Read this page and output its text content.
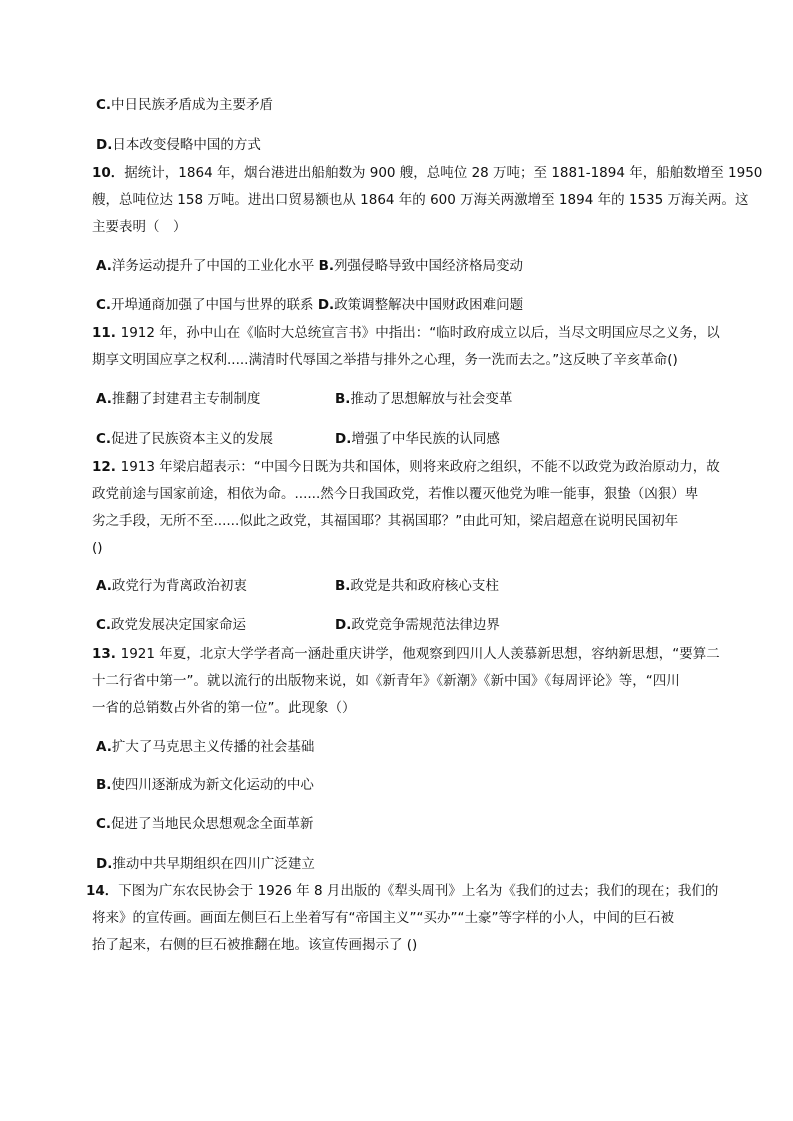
C.中日民族矛盾成为主要矛盾
D.日本改变侵略中国的方式
10．据统计，1864 年，烟台港进出船舶数为 900 艘，总吨位 28 万吨；至 1881-1894 年，船舶数增至 1950
艘，总吨位达 158 万吨。进出口贸易额也从 1864 年的 600 万海关两激增至 1894 年的 1535 万海关两。这
主要表明（　）
A.洋务运动提升了中国的工业化水平 B.列强侵略导致中国经济格局变动
C.开埠通商加强了中国与世界的联系 D.政策调整解决中国财政困难问题
11. 1912 年，孙中山在《临时大总统宣言书》中指出：“临时政府成立以后，当尽文明国应尽之义务，以
期享文明国应享之权利.....满清时代辱国之举措与排外之心理，务一洗而去之。”这反映了辛亥革命()
A.推翻了封建君主专制制度	B.推动了思想解放与社会变革
C.促进了民族资本主义的发展	D.增强了中华民族的认同感
12. 1913 年梁启超表示：“中国今日既为共和国体，则将来政府之组织，不能不以政党为政治原动力，故
政党前途与国家前途，相依为命。......然今日我国政党，若惟以覆灭他党为唯一能事，狠蛰（凶狠）卑
劣之手段，无所不至......似此之政党，其福国耶？其祸国耶？”由此可知，梁启超意在说明民国初年
()
A.政党行为背离政治初衷	B.政党是共和政府核心支柱
C.政党发展决定国家命运	D.政党竞争需规范法律边界
13. 1921 年夏，北京大学学者高一涵赴重庆讲学，他观察到四川人人羡慕新思想，容纳新思想，“要算二
十二行省中第一”。就以流行的出版物来说，如《新青年》《新潮》《新中国》《每周评论》等，“四川
一省的总销数占外省的第一位”。此现象（）
A.扩大了马克思主义传播的社会基础
B.使四川逐渐成为新文化运动的中心
C.促进了当地民众思想观念全面革新
D.推动中共早期组织在四川广泛建立
14．下图为广东农民协会于 1926 年 8 月出版的《犁头周刊》上名为《我们的过去；我们的现在；我们的
将来》的宣传画。画面左侧巨石上坐着写有“帝国主义”“买办”“土豪”等字样的小人，中间的巨石被
抬了起来，右侧的巨石被推翻在地。该宣传画揭示了 ()
